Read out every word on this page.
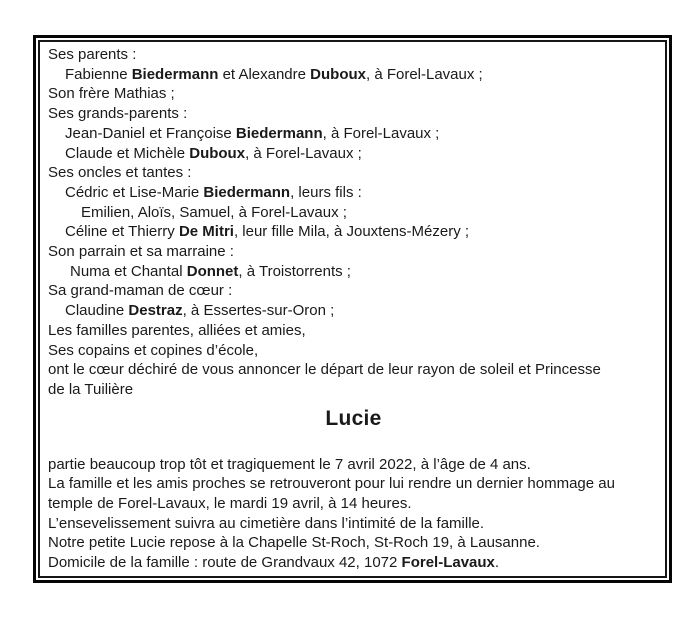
Ses parents :
Fabienne Biedermann et Alexandre Duboux, à Forel-Lavaux ;
Son frère Mathias ;
Ses grands-parents :
Jean-Daniel et Françoise Biedermann, à Forel-Lavaux ;
Claude et Michèle Duboux, à Forel-Lavaux ;
Ses oncles et tantes :
Cédric et Lise-Marie Biedermann, leurs fils :
Emilien, Aloïs, Samuel, à Forel-Lavaux ;
Céline et Thierry De Mitri, leur fille Mila, à Jouxtens-Mézery ;
Son parrain et sa marraine :
Numa et Chantal Donnet, à Troistorrents ;
Sa grand-maman de cœur :
Claudine Destraz, à Essertes-sur-Oron ;
Les familles parentes, alliées et amies,
Ses copains et copines d’école,
ont le cœur déchiré de vous annoncer le départ de leur rayon de soleil et Princesse
de la Tuilière
Lucie
partie beaucoup trop tôt et tragiquement le 7 avril 2022, à l’âge de 4 ans.
La famille et les amis proches se retrouveront pour lui rendre un dernier hommage au
temple de Forel-Lavaux, le mardi 19 avril, à 14 heures.
L’ensevelissement suivra au cimetière dans l’intimité de la famille.
Notre petite Lucie repose à la Chapelle St-Roch, St-Roch 19, à Lausanne.
Domicile de la famille : route de Grandvaux 42, 1072 Forel-Lavaux.
